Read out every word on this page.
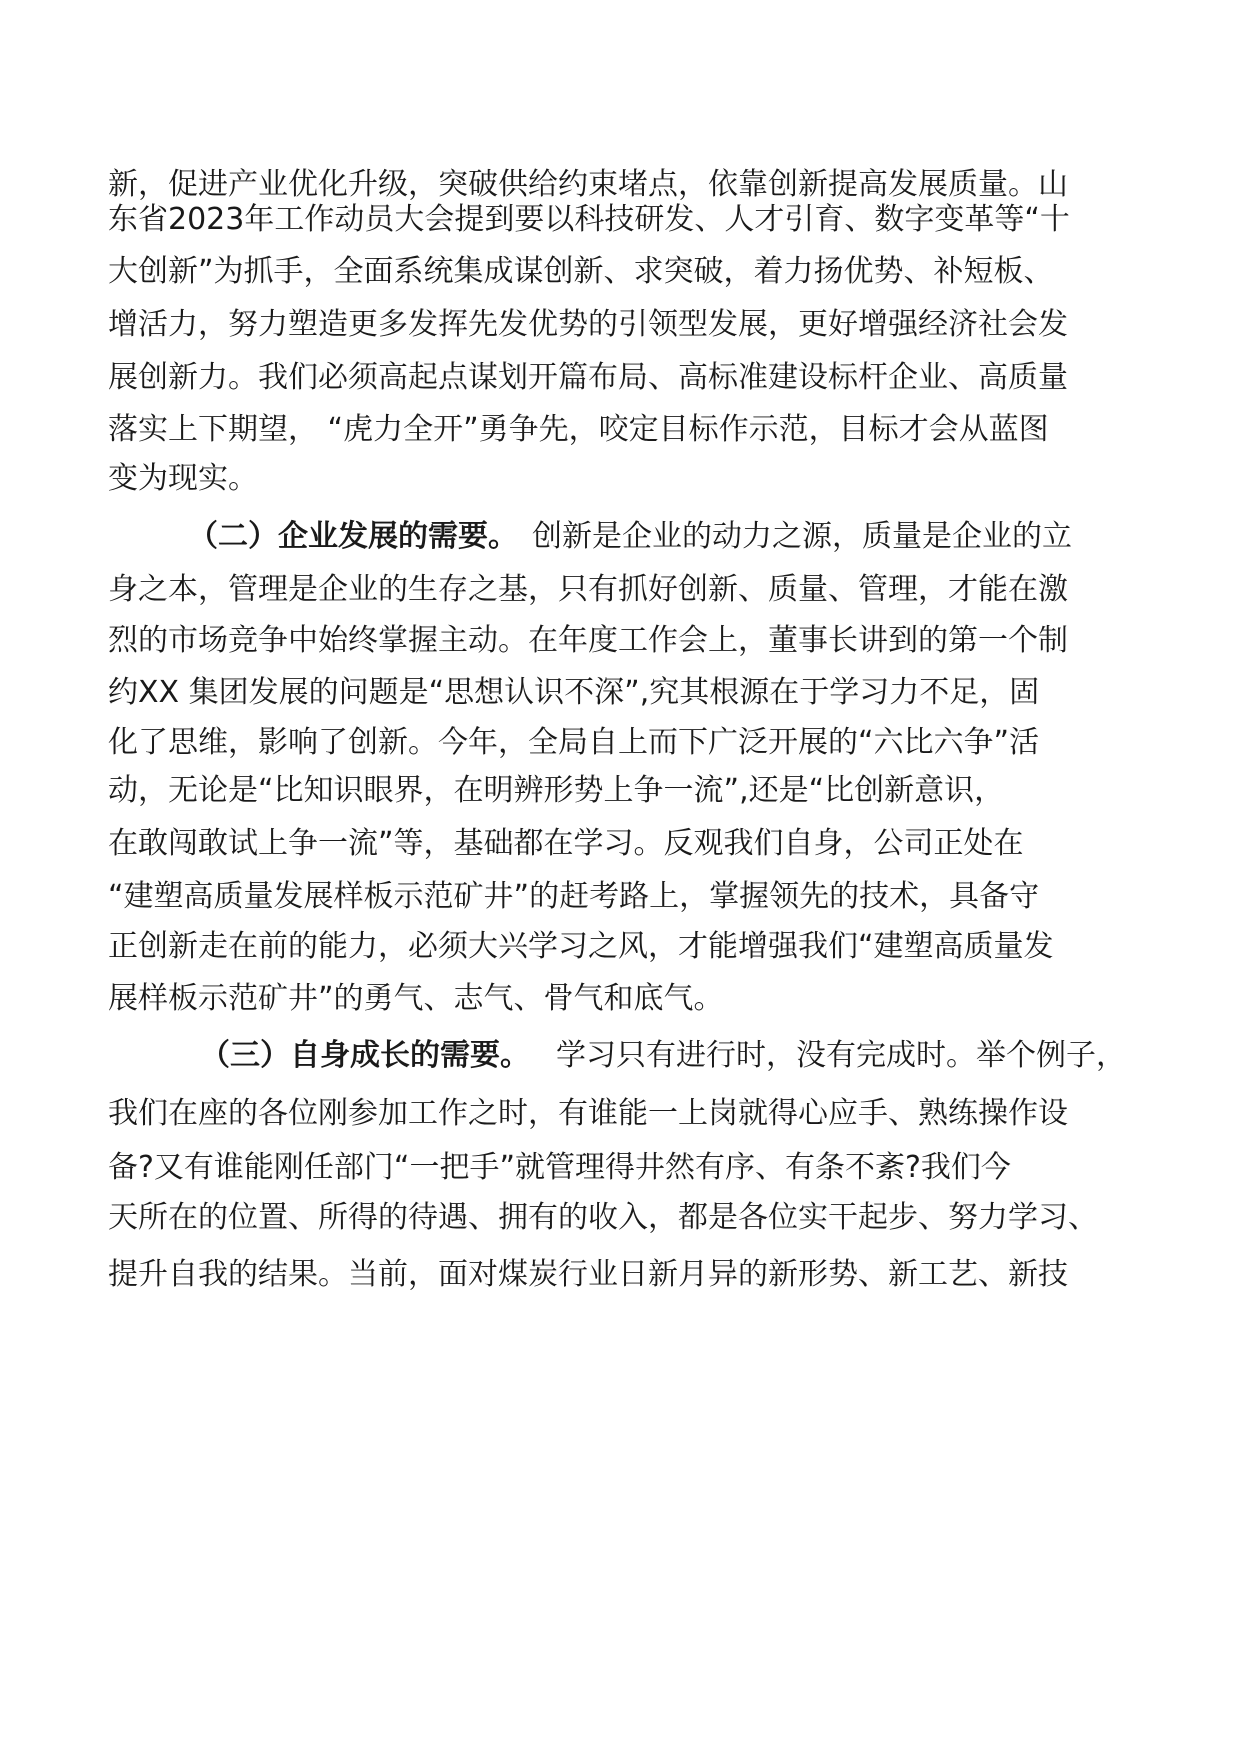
新，促进产业优化升级，突破供给约束堵点，依靠创新提高发展质量。山
东省2023年工作动员大会提到要以科技研发、人才引育、数字变革等“十
大创新”为抓手，全面系统集成谋创新、求突破，着力扬优势、补短板、
增活力，努力塑造更多发挥先发优势的引领型发展，更好增强经济社会发
展创新力。我们必须高起点谋划开篇布局、高标准建设标杆企业、高质量
落实上下期望， “虎力全开”勇争先，咬定目标作示范，目标才会从蓝图
变为现实。
（二）企业发展的需要。 创新是企业的动力之源，质量是企业的立
身之本，管理是企业的生存之基，只有抓好创新、质量、管理，才能在激
烈的市场竞争中始终掌握主动。在年度工作会上，董事长讲到的第一个制
约XX 集团发展的问题是“思想认识不深”,究其根源在于学习力不足，固
化了思维，影响了创新。今年，全局自上而下广泛开展的“六比六争”活
动，无论是“比知识眼界，在明辨形势上争一流”,还是“比创新意识，
在敢闯敢试上争一流”等，基础都在学习。反观我们自身，公司正处在
“建塑高质量发展样板示范矿井”的赶考路上，掌握领先的技术，具备守
正创新走在前的能力，必须大兴学习之风，才能增强我们“建塑高质量发
展样板示范矿井”的勇气、志气、骨气和底气。
（三）自身成长的需要。 学习只有进行时，没有完成时。举个例子，
我们在座的各位刚参加工作之时，有谁能一上岗就得心应手、熟练操作设
备?又有谁能刚任部门“一把手”就管理得井然有序、有条不紊?我们今
天所在的位置、所得的待遇、拥有的收入，都是各位实干起步、努力学习、
提升自我的结果。当前，面对煤炭行业日新月异的新形势、新工艺、新技
